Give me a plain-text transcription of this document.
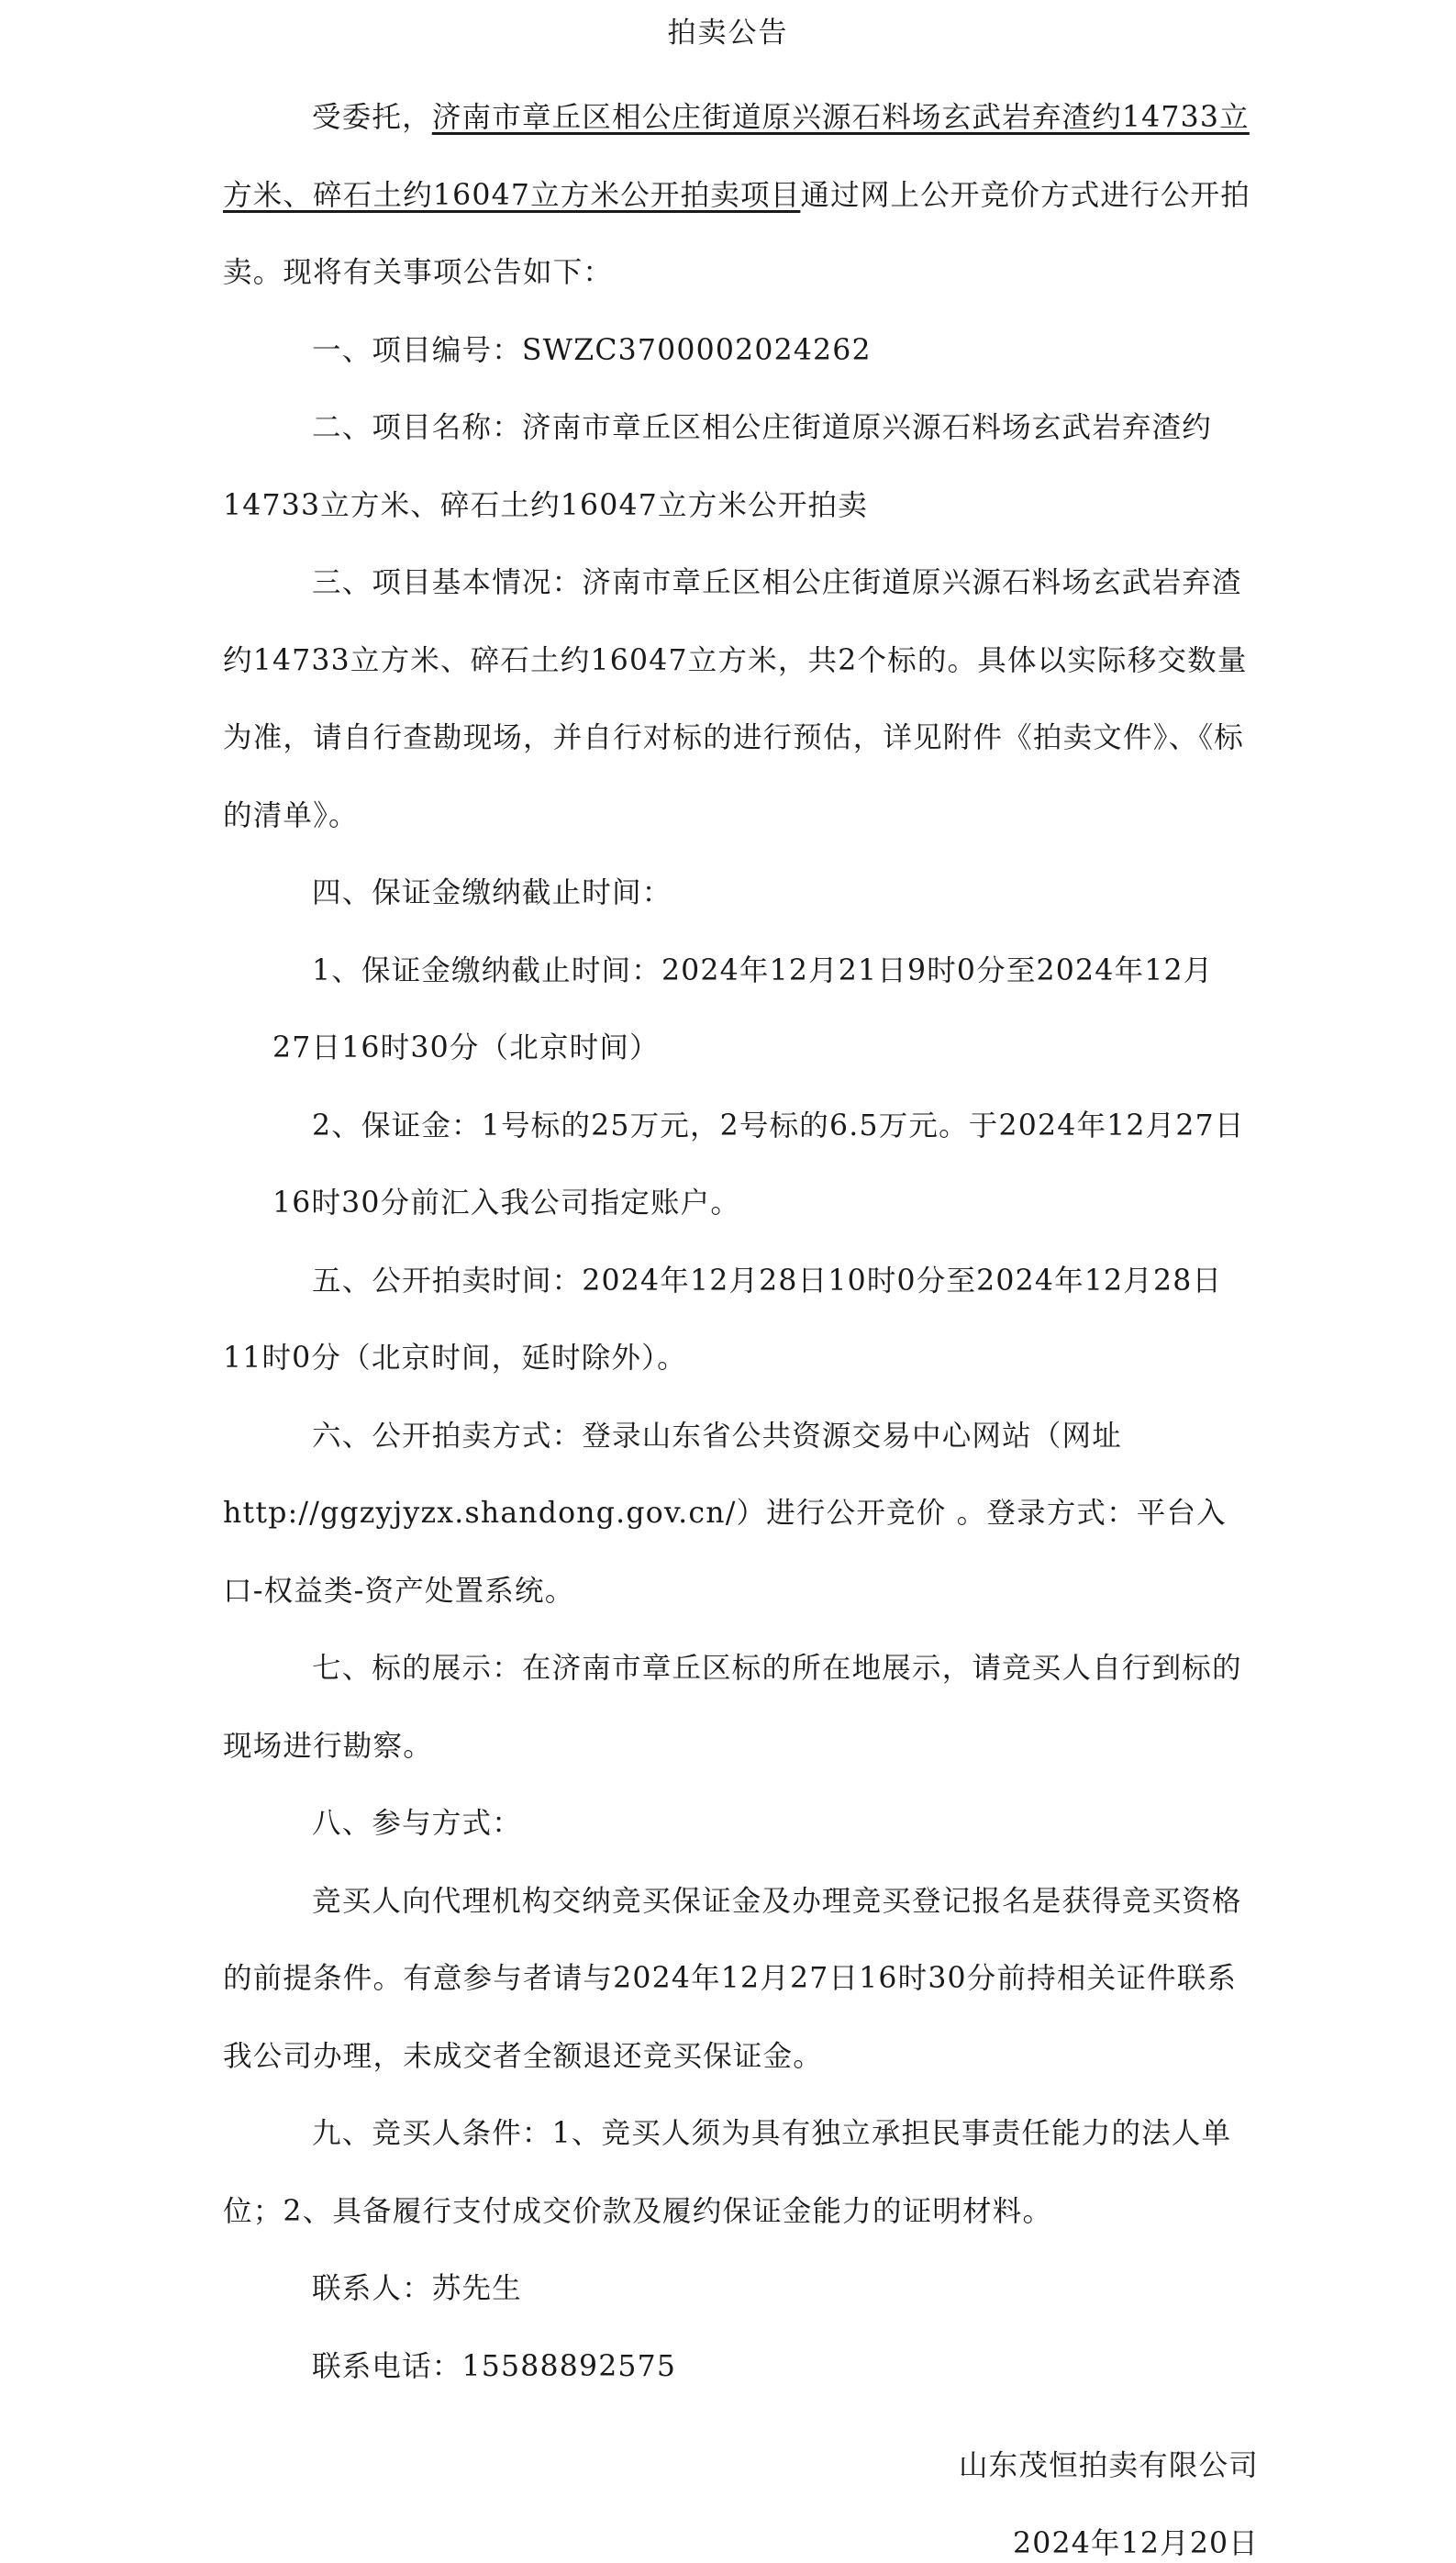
拍卖公告

受委托，济南市章丘区相公庄街道原兴源石料场玄武岩弃渣约14733立方米、碎石土约16047立方米公开拍卖项目通过网上公开竞价方式进行公开拍卖。现将有关事项公告如下：

一、项目编号：SWZC3700002024262

二、项目名称：济南市章丘区相公庄街道原兴源石料场玄武岩弃渣约14733立方米、碎石土约16047立方米公开拍卖

三、项目基本情况：济南市章丘区相公庄街道原兴源石料场玄武岩弃渣约14733立方米、碎石土约16047立方米，共2个标的。具体以实际移交数量为准，请自行查勘现场，并自行对标的进行预估，详见附件《拍卖文件》、《标的清单》。

四、保证金缴纳截止时间：

1、保证金缴纳截止时间：2024年12月21日9时0分至2024年12月27日16时30分（北京时间）

2、保证金：1号标的25万元，2号标的6.5万元。于2024年12月27日16时30分前汇入我公司指定账户。

五、公开拍卖时间：2024年12月28日10时0分至2024年12月28日11时0分（北京时间，延时除外）。

六、公开拍卖方式：登录山东省公共资源交易中心网站（网址http://ggzyjyzx.shandong.gov.cn/）进行公开竞价 。登录方式：平台入口-权益类-资产处置系统。

七、标的展示：在济南市章丘区标的所在地展示，请竞买人自行到标的现场进行勘察。

八、参与方式：

竞买人向代理机构交纳竞买保证金及办理竞买登记报名是获得竞买资格的前提条件。有意参与者请与2024年12月27日16时30分前持相关证件联系我公司办理，未成交者全额退还竞买保证金。

九、竞买人条件：1、竞买人须为具有独立承担民事责任能力的法人单位；2、具备履行支付成交价款及履约保证金能力的证明材料。

联系人：苏先生

联系电话：15588892575

山东茂恒拍卖有限公司
2024年12月20日
